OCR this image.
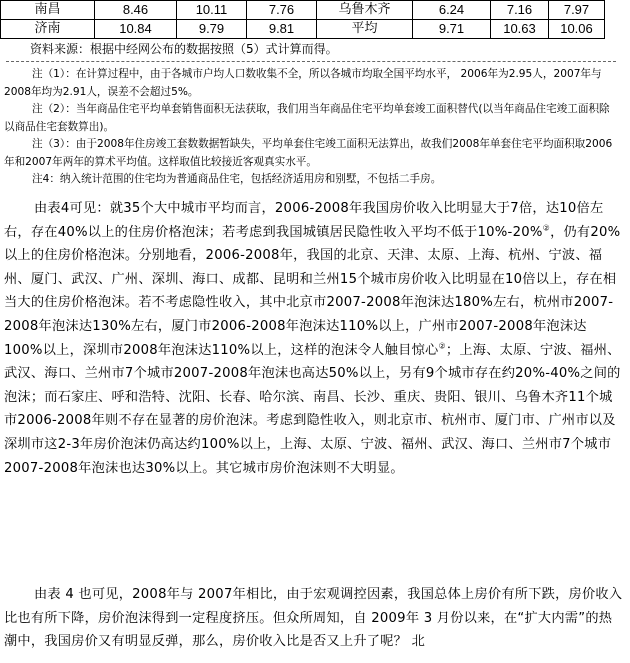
南昌	8.46	10.11	7.76	乌鲁木齐	6.24	7.16	7.97
济南	10.84	9.79	9.81	平均	9.71	10.63	10.06
资料来源：根据中经网公布的数据按照（5）式计算而得。

注（1）：在计算过程中，由于各城市户均人口数收集不全，所以各城市均取全国平均水平， 2006年为2.95人，2007年与2008年均为2.91人，误差不会超过5%。

注（2）：当年商品住宅平均单套销售面积无法获取，我们用当年商品住宅平均单套竣工面积替代(以当年商品住宅竣工面积除以商品住宅套数算出)。

注（3）：由于2008年住房竣工套数数据暂缺失，平均单套住宅竣工面积无法算出，故我们2008年单套住宅平均面积取2006年和2007年两年的算术平均值。这样取值比较接近客观真实水平。

注4：纳入统计范围的住宅均为普通商品住宅，包括经济适用房和别墅，不包括二手房。

由表4可见：就35个大中城市平均而言，2006-2008年我国房价收入比明显大于7倍，达10倍左右，存在40%以上的住房价格泡沫；若考虑到我国城镇居民隐性收入平均不低于10%-20%②，仍有20%以上的住房价格泡沫。分别地看，2006-2008年，我国的北京、天津、太原、上海、杭州、宁波、福州、厦门、武汉、广州、深圳、海口、成都、昆明和兰州15个城市房价收入比明显在10倍以上，存在相当大的住房价格泡沫。若不考虑隐性收入，其中北京市2007-2008年泡沫达180%左右，杭州市2007-2008年泡沫达130%左右，厦门市2006-2008年泡沫达110%以上，广州市2007-2008年泡沫达100%以上，深圳市2008年泡沫达110%以上，这样的泡沫令人触目惊心②；上海、太原、宁波、福州、武汉、海口、兰州市7个城市2007-2008年泡沫也高达50%以上，另有9个城市存在约20%-40%之间的泡沫；而石家庄、呼和浩特、沈阳、长春、哈尔滨、南昌、长沙、重庆、贵阳、银川、乌鲁木齐11个城市2006-2008年则不存在显著的房价泡沫。考虑到隐性收入，则北京市、杭州市、厦门市、广州市以及深圳市这2-3年房价泡沫仍高达约100%以上，上海、太原、宁波、福州、武汉、海口、兰州市7个城市2007-2008年泡沫也达30%以上。其它城市房价泡沫则不大明显。

由表 4 也可见，2008年与 2007年相比，由于宏观调控因素，我国总体上房价有所下跌，房价收入比也有所下降，房价泡沫得到一定程度挤压。但众所周知，自 2009年 3 月份以来，在“扩大内需”的热潮中，我国房价又有明显反弹，那么，房价收入比是否又上升了呢？ 北
